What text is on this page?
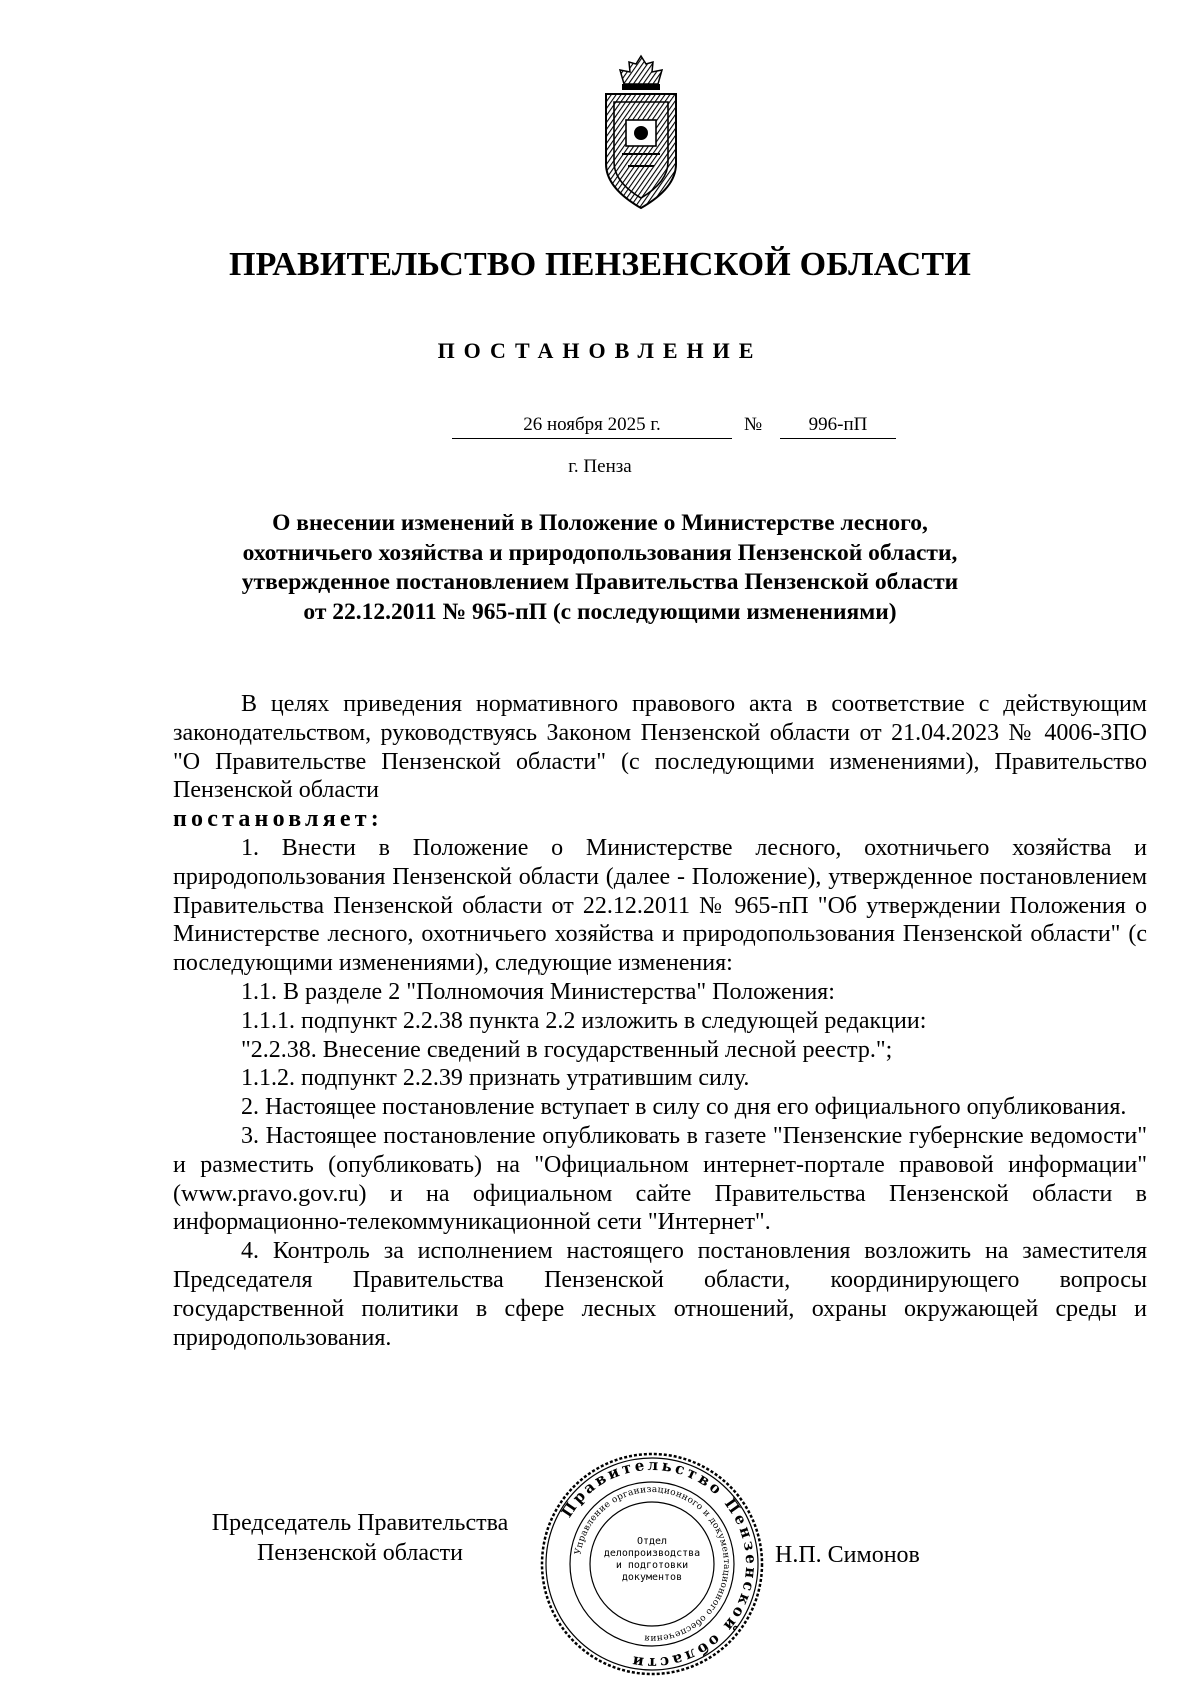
ПРАВИТЕЛЬСТВО ПЕНЗЕНСКОЙ ОБЛАСТИ
ПОСТАНОВЛЕНИЕ
26 ноября 2025 г.	№	996-пП
г. Пенза
О внесении изменений в Положение о Министерстве лесного,
охотничьего хозяйства и природопользования Пензенской области,
утвержденное постановлением Правительства Пензенской области
от 22.12.2011 № 965-пП (с последующими изменениями)

В целях приведения нормативного правового акта в соответствие с действующим законодательством, руководствуясь Законом Пензенской области от 21.04.2023 № 4006-ЗПО "О Правительстве Пензенской области" (с последующими изменениями), Правительство Пензенской области

постановляет:

1. Внести в Положение о Министерстве лесного, охотничьего хозяйства и природопользования Пензенской области (далее - Положение), утвержденное постановлением Правительства Пензенской области от 22.12.2011 № 965-пП "Об утверждении Положения о Министерстве лесного, охотничьего хозяйства и природопользования Пензенской области" (с последующими изменениями), следующие изменения:

1.1. В разделе 2 "Полномочия Министерства" Положения:

1.1.1. подпункт 2.2.38 пункта 2.2 изложить в следующей редакции:

"2.2.38. Внесение сведений в государственный лесной реестр.";

1.1.2. подпункт 2.2.39 признать утратившим силу.

2. Настоящее постановление вступает в силу со дня его официального опубликования.

3. Настоящее постановление опубликовать в газете "Пензенские губернские ведомости" и разместить (опубликовать) на "Официальном интернет-портале правовой информации" (www.pravo.gov.ru) и на официальном сайте Правительства Пензенской области в информационно-телекоммуникационной сети "Интернет".

4. Контроль за исполнением настоящего постановления возложить на заместителя Председателя Правительства Пензенской области, координирующего вопросы государственной политики в сфере лесных отношений, охраны окружающей среды и природопользования.

Председатель Правительства
Пензенской области	Н.П. Симонов
Правительство Пензенской области
Управление организационного и документационного обеспечения
Отдел делопроизводства и подготовки документов
